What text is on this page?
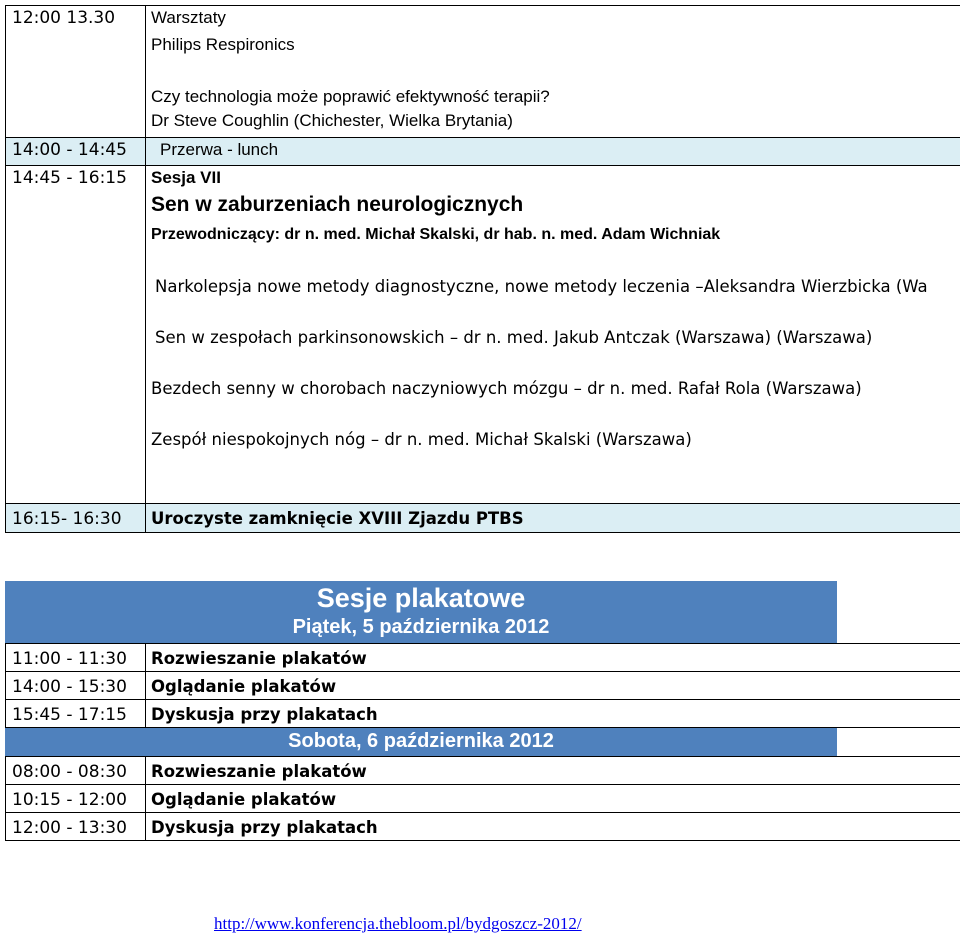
12:00 13.30 Warsztaty
Philips Respironics
Czy technologia może poprawić efektywność terapii?
Dr Steve Coughlin (Chichester, Wielka Brytania)
14:00 - 14:45 Przerwa - lunch
14:45 - 16:15 Sesja VII
Sen w zaburzeniach neurologicznych
Przewodniczący: dr n. med. Michał Skalski, dr hab. n. med. Adam Wichniak
Narkolepsja nowe metody diagnostyczne, nowe metody leczenia –Aleksandra Wierzbicka (Wa
Sen w zespołach parkinsonowskich – dr n. med. Jakub Antczak (Warszawa) (Warszawa)
Bezdech senny w chorobach naczyniowych mózgu – dr n. med. Rafał Rola (Warszawa)
Zespół niespokojnych nóg – dr n. med. Michał Skalski (Warszawa)
16:15- 16:30 Uroczyste zamknięcie XVIII Zjazdu PTBS
Sesje plakatowe
Piątek, 5 października 2012
Sobota, 6 października 2012
11:00 - 11:30 Rozwieszanie plakatów
14:00 - 15:30 Oglądanie plakatów
15:45 - 17:15 Dyskusja przy plakatach
08:00 - 08:30 Rozwieszanie plakatów
10:15 - 12:00 Oglądanie plakatów
12:00 - 13:30 Dyskusja przy plakatach
http://www.konferencja.thebloom.pl/bydgoszcz-2012/
